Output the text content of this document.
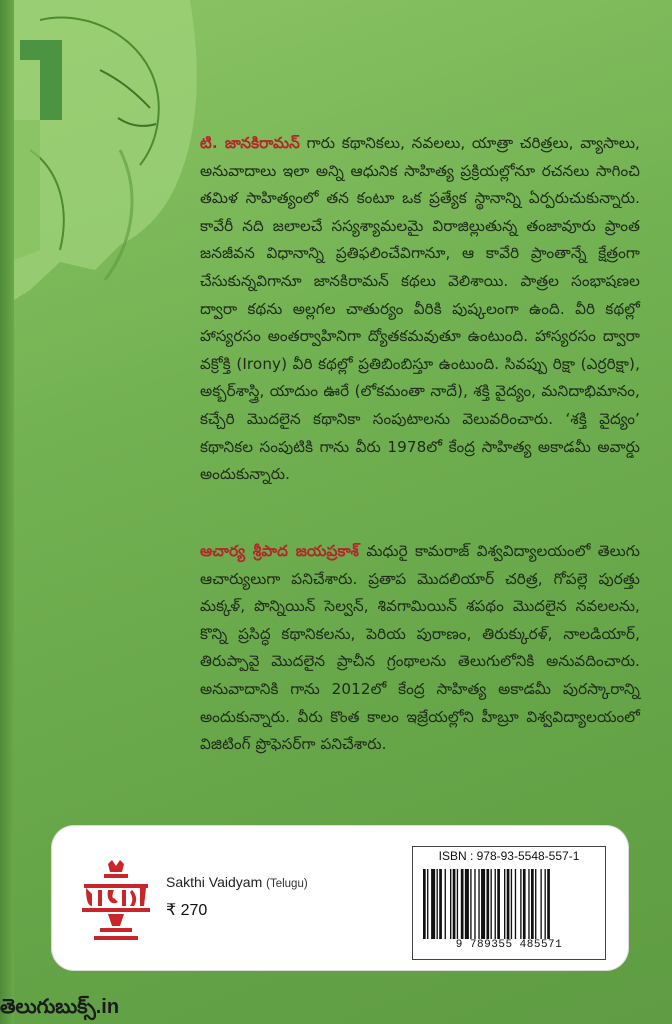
టి. జానకిరామన్ గారు కథానికలు, నవలలు, యాత్రా చరిత్రలు, వ్యాసాలు, అనువాదాలు ఇలా అన్ని ఆధునిక సాహిత్య ప్రక్రియల్లోనూ రచనలు సాగించి తమిళ సాహిత్యంలో తన కంటూ ఒక ప్రత్యేక స్థానాన్ని ఏర్పరుచుకున్నారు. కావేరీ నది జలాలచే సస్యశ్యామలమై విరాజిల్లుతున్న తంజావూరు ప్రాంత జనజీవన విధానాన్ని ప్రతిఫలించేవిగానూ, ఆ కావేరి ప్రాంతాన్నే క్షేత్రంగా చేసుకున్నవిగానూ జానకిరామన్ కథలు వెలిశాయి. పాత్రల సంభాషణల ద్వారా కథను అల్లగల చాతుర్యం వీరికి పుష్కలంగా ఉంది. వీరి కథల్లో హాస్యరసం అంతర్వాహినిగా ద్యోతకమవుతూ ఉంటుంది. హాస్యరసం ద్వారా వక్రోక్తి (Irony) వీరి కథల్లో ప్రతిబింబిస్తూ ఉంటుంది. సివప్పు రిక్షా (ఎర్రరిక్షా), అక్బర్‌శాస్త్రి, యాదుం ఊరే (లోకమంతా నాదే), శక్తి వైద్యం, మనిదాభిమానం, కచ్చేరి మొదలైన కథానికా సంపుటాలను వెలువరించారు. ‘శక్తి వైద్యం’ కథానికల సంపుటికి గాను వీరు 1978లో కేంద్ర సాహిత్య అకాడమీ అవార్డు అందుకున్నారు.

ఆచార్య శ్రీపాద జయప్రకాశ్ మధురై కామరాజ్ విశ్వవిద్యాలయంలో తెలుగు ఆచార్యులుగా పనిచేశారు. ప్రతాప మొదలియార్ చరిత్ర, గోపల్లె పురత్తు మక్కళ్, పొన్నియిన్ సెల్వన్, శివగామియిన్ శపథం మొదలైన నవలలను, కొన్ని ప్రసిద్ధ కథానికలను, పెరియ పురాణం, తిరుక్కురళ్, నాలడియార్, తిరుప్పావై మొదలైన ప్రాచీన గ్రంథాలను తెలుగులోనికి అనువదించారు. అనువాదానికి గాను 2012లో కేంద్ర సాహిత్య అకాడమీ పురస్కారాన్ని అందుకున్నారు. వీరు కొంత కాలం ఇజ్రేయల్లోని హీబ్రూ విశ్వవిద్యాలయంలో విజిటింగ్ ప్రొఫెసర్‌గా పనిచేశారు.

Sakthi Vaidyam (Telugu)
₹ 270
ISBN : 978-93-5548-557-1
9 789355 485571
తెలుగుబుక్స్.in
